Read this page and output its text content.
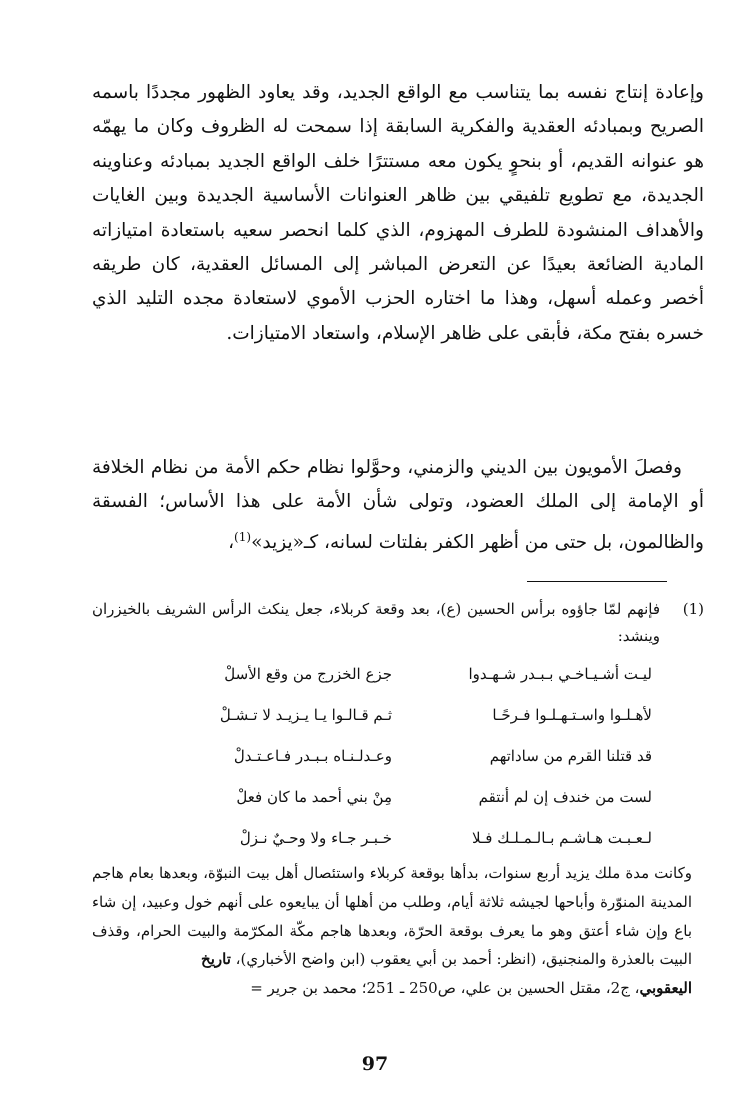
وإعادة إنتاج نفسه بما يتناسب مع الواقع الجديد، وقد يعاود الظهور مجددًا باسمه الصريح وبمبادئه العقدية والفكرية السابقة إذا سمحت له الظروف وكان ما يهمّه هو عنوانه القديم، أو بنحوٍ يكون معه مستترًا خلف الواقع الجديد بمبادئه وعناوينه الجديدة، مع تطويع تلفيقي بين ظاهر العنوانات الأساسية الجديدة وبين الغايات والأهداف المنشودة للطرف المهزوم، الذي كلما انحصر سعيه باستعادة امتيازاته المادية الضائعة بعيدًا عن التعرض المباشر إلى المسائل العقدية، كان طريقه أخصر وعمله أسهل، وهذا ما اختاره الحزب الأموي لاستعادة مجده التليد الذي خسره بفتح مكة، فأبقى على ظاهر الإسلام، واستعاد الامتيازات.

وفصلَ الأمويون بين الديني والزمني، وحوَّلوا نظام حكم الأمة من نظام الخلافة أو الإمامة إلى الملك العضود، وتولى شأن الأمة على هذا الأساس؛ الفسقة والظالمون، بل حتى من أظهر الكفر بفلتات لسانه، كـ«يزيد»$^{(1)}$،

(1)
فإنهم لمّا جاؤوه برأس الحسين (ع)، بعد وقعة كربلاء، جعل ينكث الرأس الشريف بالخيزران وينشد:
ليـت أشـيـاخـي بـبـدر شـهـدوا
جزع الخزرج من وقع الأسلْ
لأهـلـوا واسـتـهـلـوا فـرحًـا
ثـم قـالـوا يـا يـزيـد لا تـشـلْ
قد قتلنا القرم من ساداتهم
وعـدلـنـاه بـبـدر فـاعـتـدلْ
لست من خندف إن لم أنتقم
مِنْ بني أحمد ما كان فعلْ
لـعـبـت هـاشـم بـالـمـلـك فـلا
خـبـر جـاء ولا وحـيٌ نـزلْ
وكانت مدة ملك يزيد أربع سنوات، بدأها بوقعة كربلاء واستئصال أهل بيت النبوّة، وبعدها بعام هاجم المدينة المنوّرة وأباحها لجيشه ثلاثة أيام، وطلب من أهلها أن يبايعوه على أنهم خول وعبيد، إن شاء باع وإن شاء أعتق وهو ما يعرف بوقعة الحرّة، وبعدها هاجم مكّة المكرّمة والبيت الحرام، وقذف البيت بالعذرة والمنجنيق، (انظر: أحمد بن أبي يعقوب (ابن واضح الأخباري)، تاريخ
اليعقوبي، ج2، مقتل الحسين بن علي، ص250 ـ 251؛ محمد بن جرير =
97
